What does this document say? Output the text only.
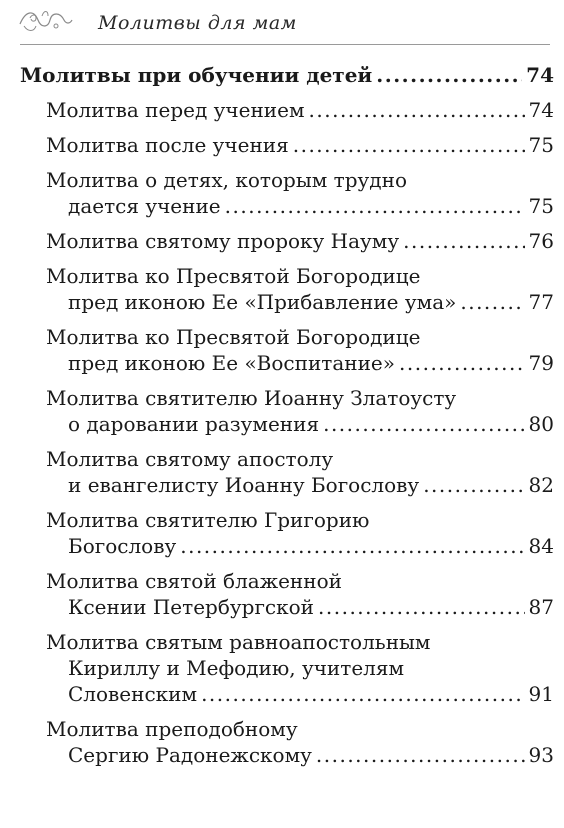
Молитвы для мам
Молитвы при обучении детей .....	74
Молитва перед учением .....	74
Молитва после учения .....	75
Молитва о детях, которым трудно
дается учение .....	75
Молитва святому пророку Науму .....	76
Молитва ко Пресвятой Богородице
пред иконою Ее «Прибавление ума» .....	77
Молитва ко Пресвятой Богородице
пред иконою Ее «Воспитание» .....	79
Молитва святителю Иоанну Златоусту
о даровании разумения .....	80
Молитва святому апостолу
и евангелисту Иоанну Богослову .....	82
Молитва святителю Григорию
Богослову .....	84
Молитва святой блаженной
Ксении Петербургской .....	87
Молитва святым равноапостольным
Кириллу и Мефодию, учителям
Словенским .....	91
Молитва преподобному
Сергию Радонежскому .....	93
